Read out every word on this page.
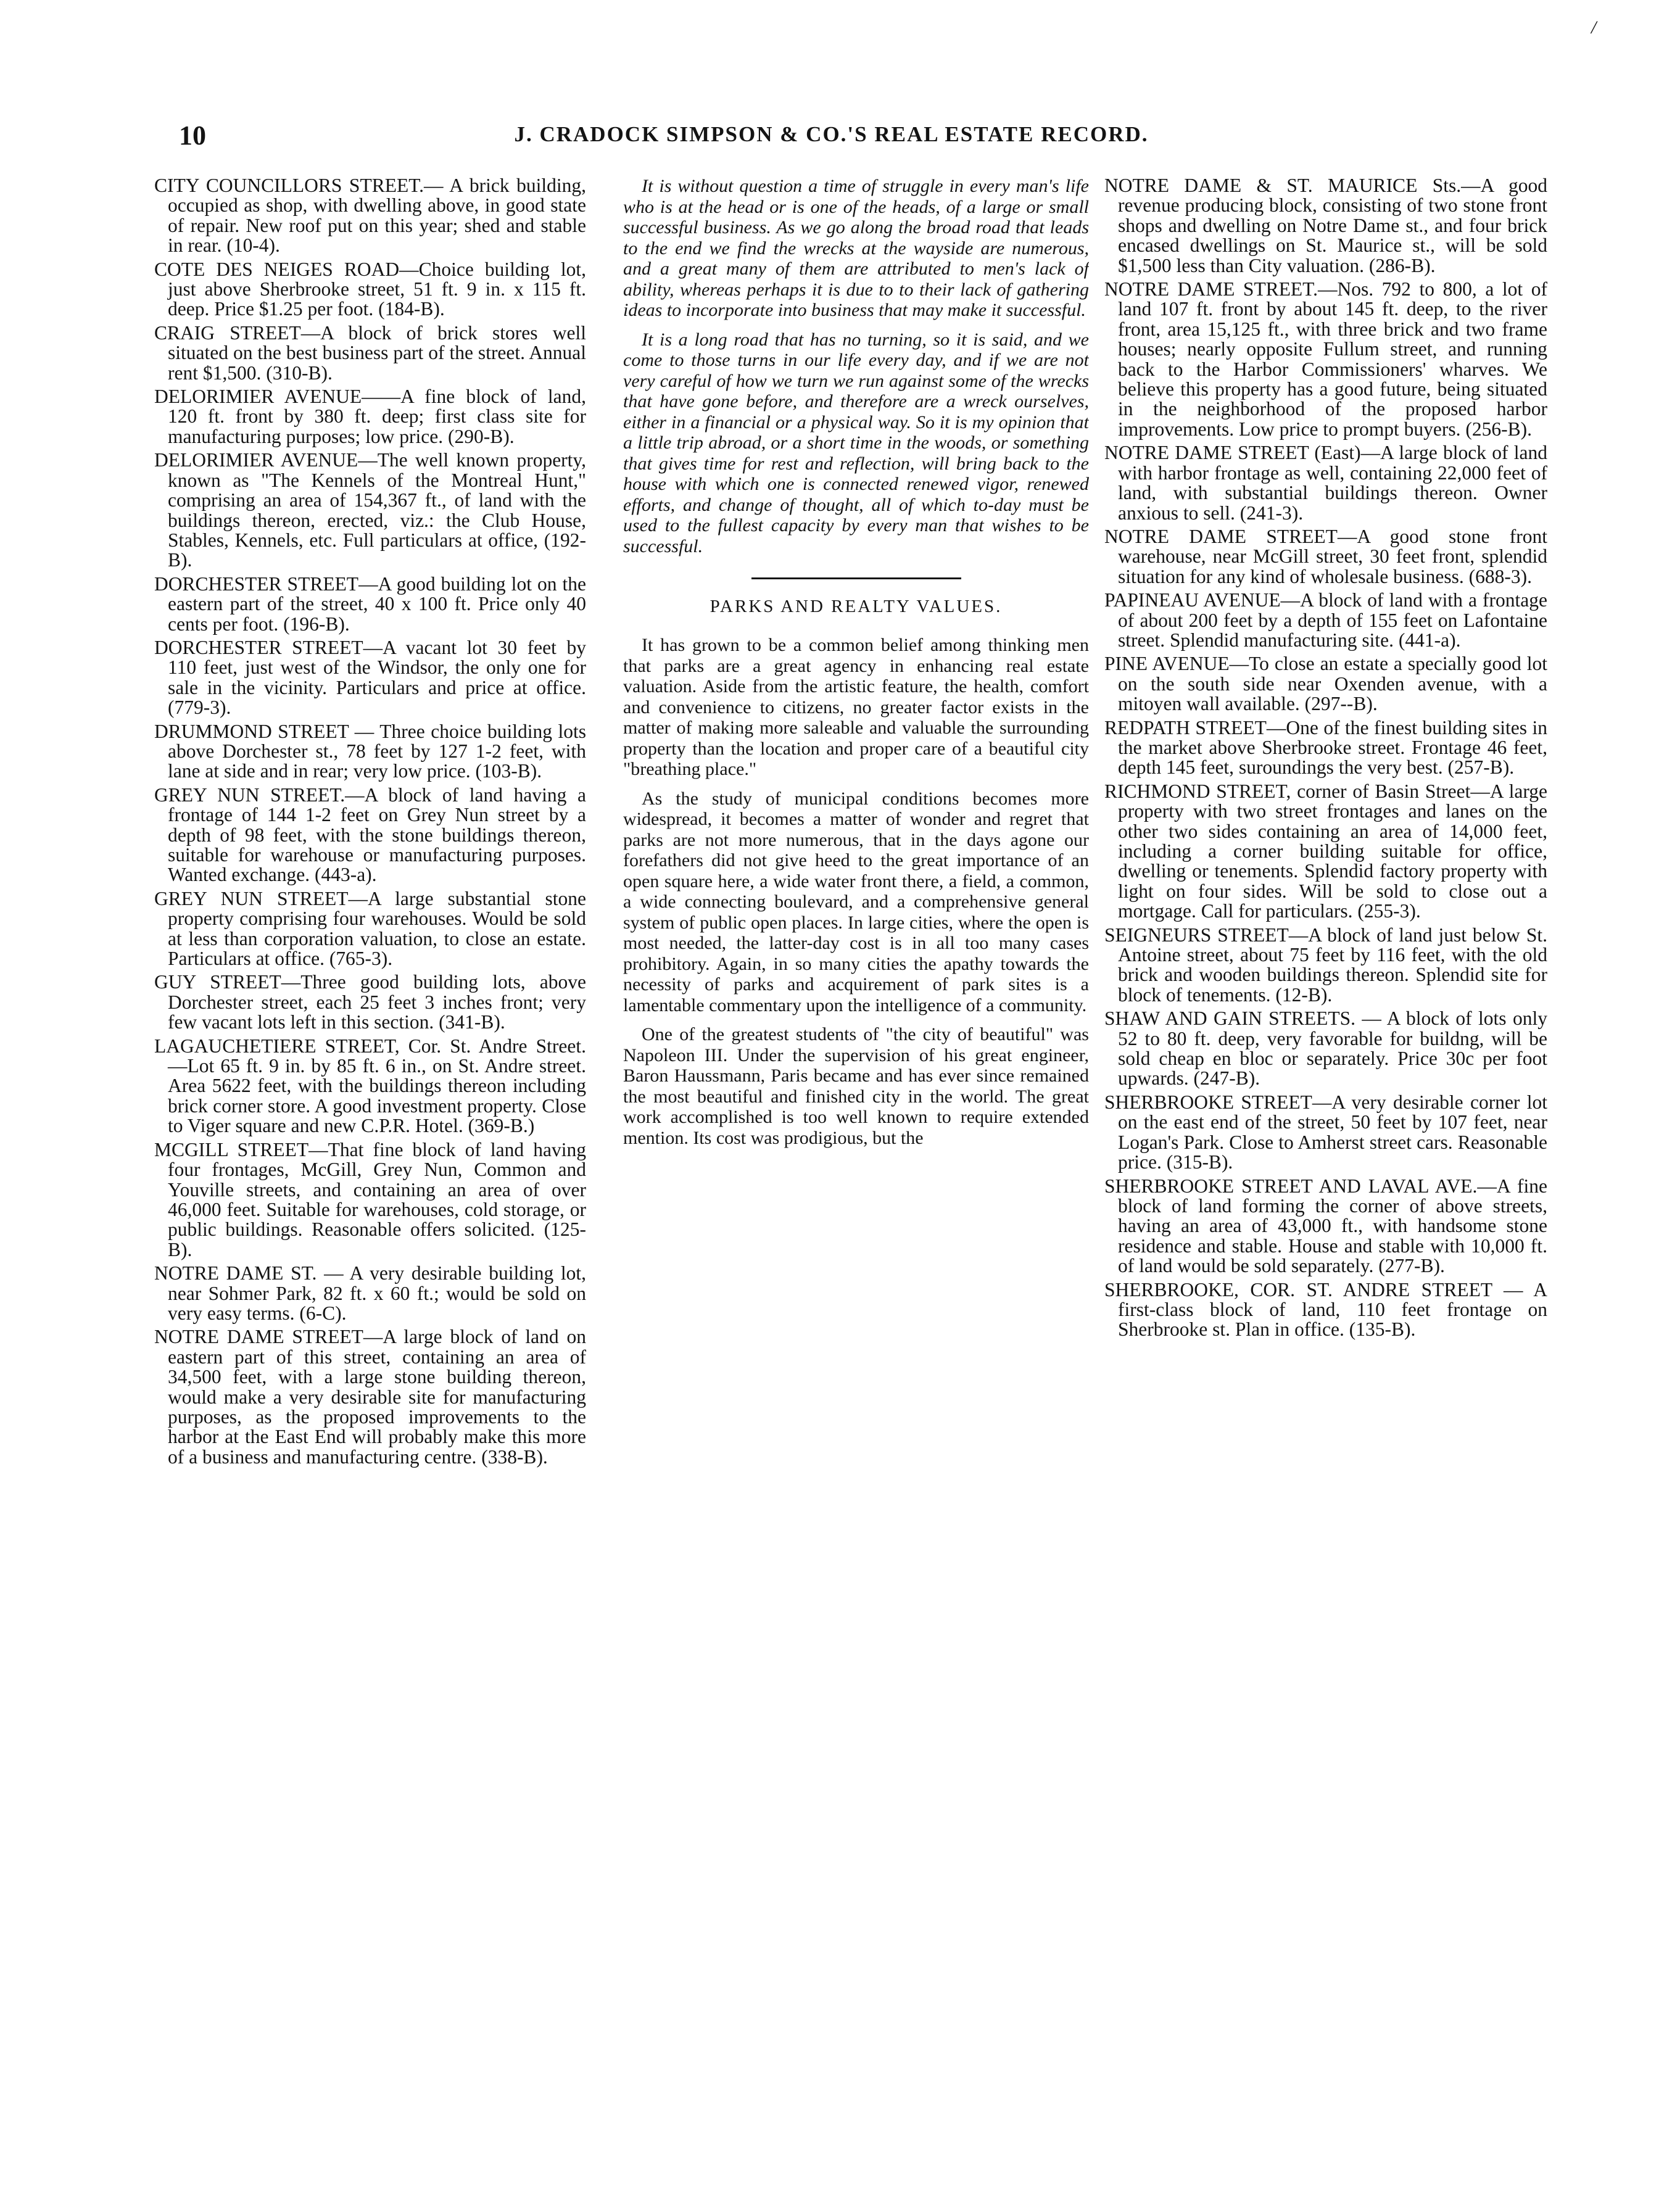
/
10	J. CRADOCK SIMPSON & CO.'S REAL ESTATE RECORD.

CITY COUNCILLORS STREET.— A brick building, occupied as shop, with dwelling above, in good state of repair. New roof put on this year; shed and stable in rear. (10-4).

COTE DES NEIGES ROAD—Choice building lot, just above Sherbrooke street, 51 ft. 9 in. x 115 ft. deep. Price $1.25 per foot. (184-B).

CRAIG STREET—A block of brick stores well situated on the best business part of the street. Annual rent $1,500. (310-B).

DELORIMIER AVENUE——A fine block of land, 120 ft. front by 380 ft. deep; first class site for manufacturing purposes; low price. (290-B).

DELORIMIER AVENUE—The well known property, known as "The Kennels of the Montreal Hunt," comprising an area of 154,367 ft., of land with the buildings thereon, erected, viz.: the Club House, Stables, Kennels, etc. Full particulars at office, (192-B).

DORCHESTER STREET—A good building lot on the eastern part of the street, 40 x 100 ft. Price only 40 cents per foot. (196-B).

DORCHESTER STREET—A vacant lot 30 feet by 110 feet, just west of the Windsor, the only one for sale in the vicinity. Particulars and price at office. (779-3).

DRUMMOND STREET — Three choice building lots above Dorchester st., 78 feet by 127 1-2 feet, with lane at side and in rear; very low price. (103-B).

GREY NUN STREET.—A block of land having a frontage of 144 1-2 feet on Grey Nun street by a depth of 98 feet, with the stone buildings thereon, suitable for warehouse or manufacturing purposes. Wanted exchange. (443-a).

GREY NUN STREET—A large substantial stone property comprising four warehouses. Would be sold at less than corporation valuation, to close an estate. Particulars at office. (765-3).

GUY STREET—Three good building lots, above Dorchester street, each 25 feet 3 inches front; very few vacant lots left in this section. (341-B).

LAGAUCHETIERE STREET, Cor. St. Andre Street.—Lot 65 ft. 9 in. by 85 ft. 6 in., on St. Andre street. Area 5622 feet, with the buildings thereon including brick corner store. A good investment property. Close to Viger square and new C.P.R. Hotel. (369-B.)

MCGILL STREET—That fine block of land having four frontages, McGill, Grey Nun, Common and Youville streets, and containing an area of over 46,000 feet. Suitable for warehouses, cold storage, or public buildings. Reasonable offers solicited. (125-B).

NOTRE DAME ST. — A very desirable building lot, near Sohmer Park, 82 ft. x 60 ft.; would be sold on very easy terms. (6-C).

NOTRE DAME STREET—A large block of land on eastern part of this street, containing an area of 34,500 feet, with a large stone building thereon, would make a very desirable site for manufacturing purposes, as the proposed improvements to the harbor at the East End will probably make this more of a business and manufacturing centre. (338-B).

It is without question a time of struggle in every man's life who is at the head or is one of the heads, of a large or small successful business. As we go along the broad road that leads to the end we find the wrecks at the wayside are numerous, and a great many of them are attributed to men's lack of ability, whereas perhaps it is due to to their lack of gathering ideas to incorporate into business that may make it successful.

It is a long road that has no turning, so it is said, and we come to those turns in our life every day, and if we are not very careful of how we turn we run against some of the wrecks that have gone before, and therefore are a wreck ourselves, either in a financial or a physical way. So it is my opinion that a little trip abroad, or a short time in the woods, or something that gives time for rest and reflection, will bring back to the house with which one is connected renewed vigor, renewed efforts, and change of thought, all of which to-day must be used to the fullest capacity by every man that wishes to be successful.

PARKS AND REALTY VALUES.

It has grown to be a common belief among thinking men that parks are a great agency in enhancing real estate valuation. Aside from the artistic feature, the health, comfort and convenience to citizens, no greater factor exists in the matter of making more saleable and valuable the surrounding property than the location and proper care of a beautiful city "breathing place."

As the study of municipal conditions becomes more widespread, it becomes a matter of wonder and regret that parks are not more numerous, that in the days agone our forefathers did not give heed to the great importance of an open square here, a wide water front there, a field, a common, a wide connecting boulevard, and a comprehensive general system of public open places. In large cities, where the open is most needed, the latter-day cost is in all too many cases prohibitory. Again, in so many cities the apathy towards the necessity of parks and acquirement of park sites is a lamentable commentary upon the intelligence of a community.

One of the greatest students of "the city of beautiful" was Napoleon III. Under the supervision of his great engineer, Baron Haussmann, Paris became and has ever since remained the most beautiful and finished city in the world. The great work accomplished is too well known to require extended mention. Its cost was prodigious, but the

NOTRE DAME & ST. MAURICE Sts.—A good revenue producing block, consisting of two stone front shops and dwelling on Notre Dame st., and four brick encased dwellings on St. Maurice st., will be sold $1,500 less than City valuation. (286-B).

NOTRE DAME STREET.—Nos. 792 to 800, a lot of land 107 ft. front by about 145 ft. deep, to the river front, area 15,125 ft., with three brick and two frame houses; nearly opposite Fullum street, and running back to the Harbor Commissioners' wharves. We believe this property has a good future, being situated in the neighborhood of the proposed harbor improvements. Low price to prompt buyers. (256-B).

NOTRE DAME STREET (East)—A large block of land with harbor frontage as well, containing 22,000 feet of land, with substantial buildings thereon. Owner anxious to sell. (241-3).

NOTRE DAME STREET—A good stone front warehouse, near McGill street, 30 feet front, splendid situation for any kind of wholesale business. (688-3).

PAPINEAU AVENUE—A block of land with a frontage of about 200 feet by a depth of 155 feet on Lafontaine street. Splendid manufacturing site. (441-a).

PINE AVENUE—To close an estate a specially good lot on the south side near Oxenden avenue, with a mitoyen wall available. (297--B).

REDPATH STREET—One of the finest building sites in the market above Sherbrooke street. Frontage 46 feet, depth 145 feet, suroundings the very best. (257-B).

RICHMOND STREET, corner of Basin Street—A large property with two street frontages and lanes on the other two sides containing an area of 14,000 feet, including a corner building suitable for office, dwelling or tenements. Splendid factory property with light on four sides. Will be sold to close out a mortgage. Call for particulars. (255-3).

SEIGNEURS STREET—A block of land just below St. Antoine street, about 75 feet by 116 feet, with the old brick and wooden buildings thereon. Splendid site for block of tenements. (12-B).

SHAW AND GAIN STREETS. — A block of lots only 52 to 80 ft. deep, very favorable for buildng, will be sold cheap en bloc or separately. Price 30c per foot upwards. (247-B).

SHERBROOKE STREET—A very desirable corner lot on the east end of the street, 50 feet by 107 feet, near Logan's Park. Close to Amherst street cars. Reasonable price. (315-B).

SHERBROOKE STREET AND LAVAL AVE.—A fine block of land forming the corner of above streets, having an area of 43,000 ft., with handsome stone residence and stable. House and stable with 10,000 ft. of land would be sold separately. (277-B).

SHERBROOKE, COR. ST. ANDRE STREET — A first-class block of land, 110 feet frontage on Sherbrooke st. Plan in office. (135-B).
